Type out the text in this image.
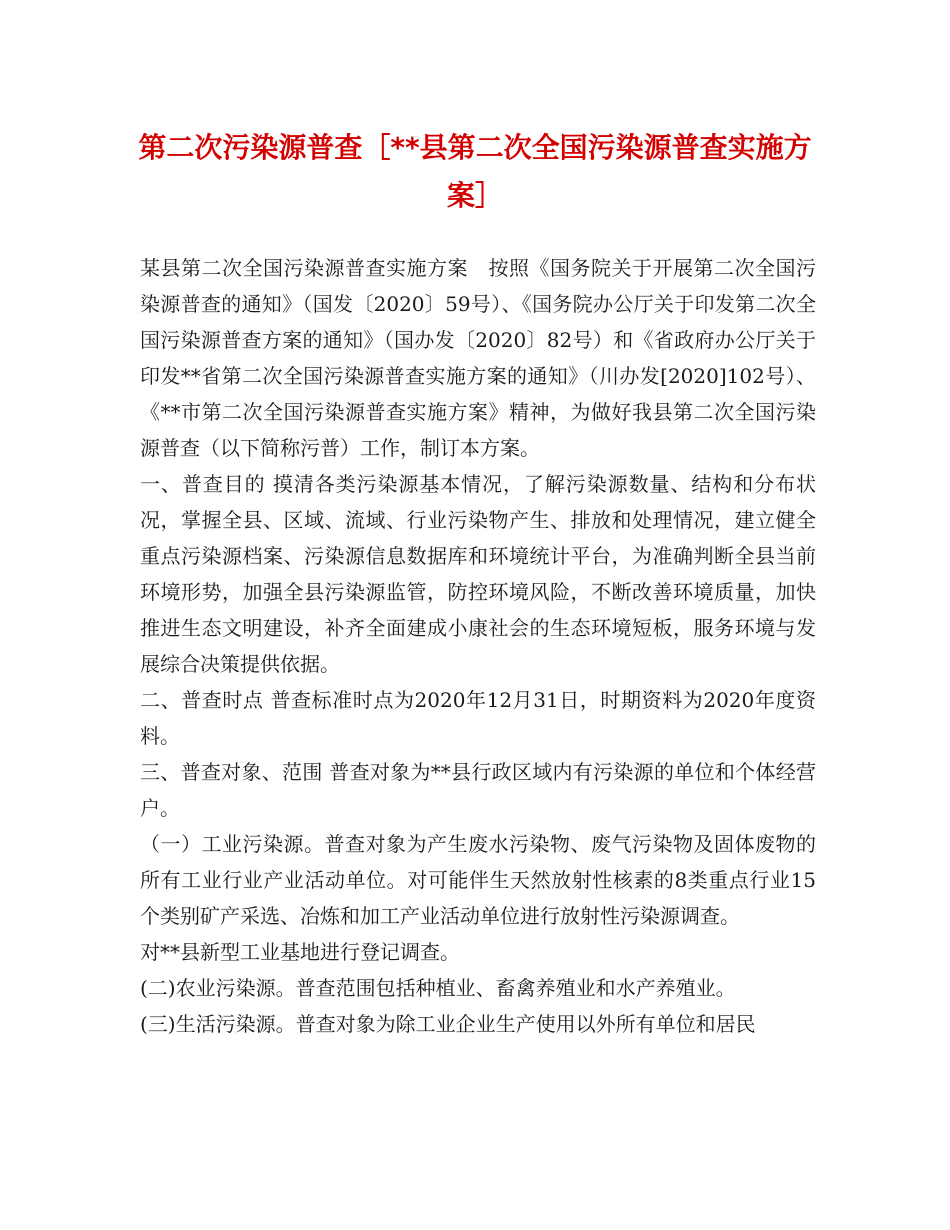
第二次污染源普查［**县第二次全国污染源普查实施方案］

某县第二次全国污染源普查实施方案　按照《国务院关于开展第二次全国污染源普查的通知》（国发〔2020〕59号）、《国务院办公厅关于印发第二次全国污染源普查方案的通知》（国办发〔2020〕82号）和《省政府办公厅关于印发**省第二次全国污染源普查实施方案的通知》（川办发[2020]102号）、《**市第二次全国污染源普查实施方案》精神，为做好我县第二次全国污染源普查（以下简称污普）工作，制订本方案。

一、普查目的 摸清各类污染源基本情况，了解污染源数量、结构和分布状况，掌握全县、区域、流域、行业污染物产生、排放和处理情况，建立健全重点污染源档案、污染源信息数据库和环境统计平台，为准确判断全县当前环境形势，加强全县污染源监管，防控环境风险，不断改善环境质量，加快推进生态文明建设，补齐全面建成小康社会的生态环境短板，服务环境与发展综合决策提供依据。

二、普查时点 普查标准时点为2020年12月31日，时期资料为2020年度资料。

三、普查对象、范围 普查对象为**县行政区域内有污染源的单位和个体经营户。

（一）工业污染源。普查对象为产生废水污染物、废气污染物及固体废物的所有工业行业产业活动单位。对可能伴生天然放射性核素的8类重点行业15个类别矿产采选、冶炼和加工产业活动单位进行放射性污染源调查。

对**县新型工业基地进行登记调查。

(二)农业污染源。普查范围包括种植业、畜禽养殖业和水产养殖业。

(三)生活污染源。普查对象为除工业企业生产使用以外所有单位和居民
